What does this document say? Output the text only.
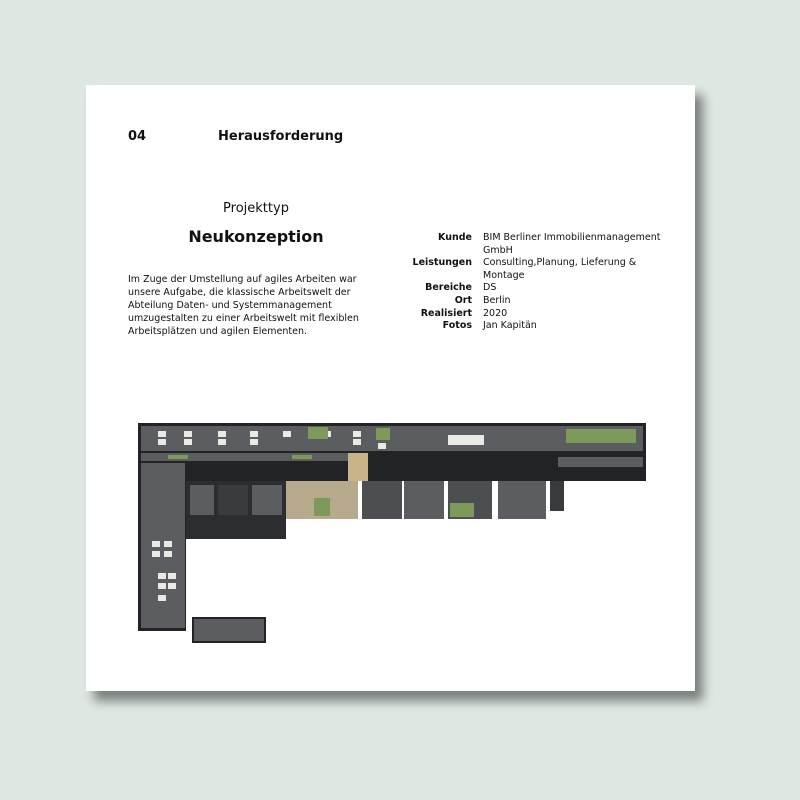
04	Herausforderung
Projekttyp
Neukonzeption
Im Zuge der Umstellung auf agiles Arbeiten war unsere Aufgabe, die klassische Arbeitswelt der Abteilung Daten- und Systemmanagement umzugestalten zu einer Arbeitswelt mit flexiblen Arbeitsplätzen und agilen Elementen.
Kunde	BIM Berliner Immobilienmanagement GmbH
Leistungen	Consulting,Planung, Lieferung & Montage
Bereiche	DS
Ort	Berlin
Realisiert	2020
Fotos	Jan Kapitän
